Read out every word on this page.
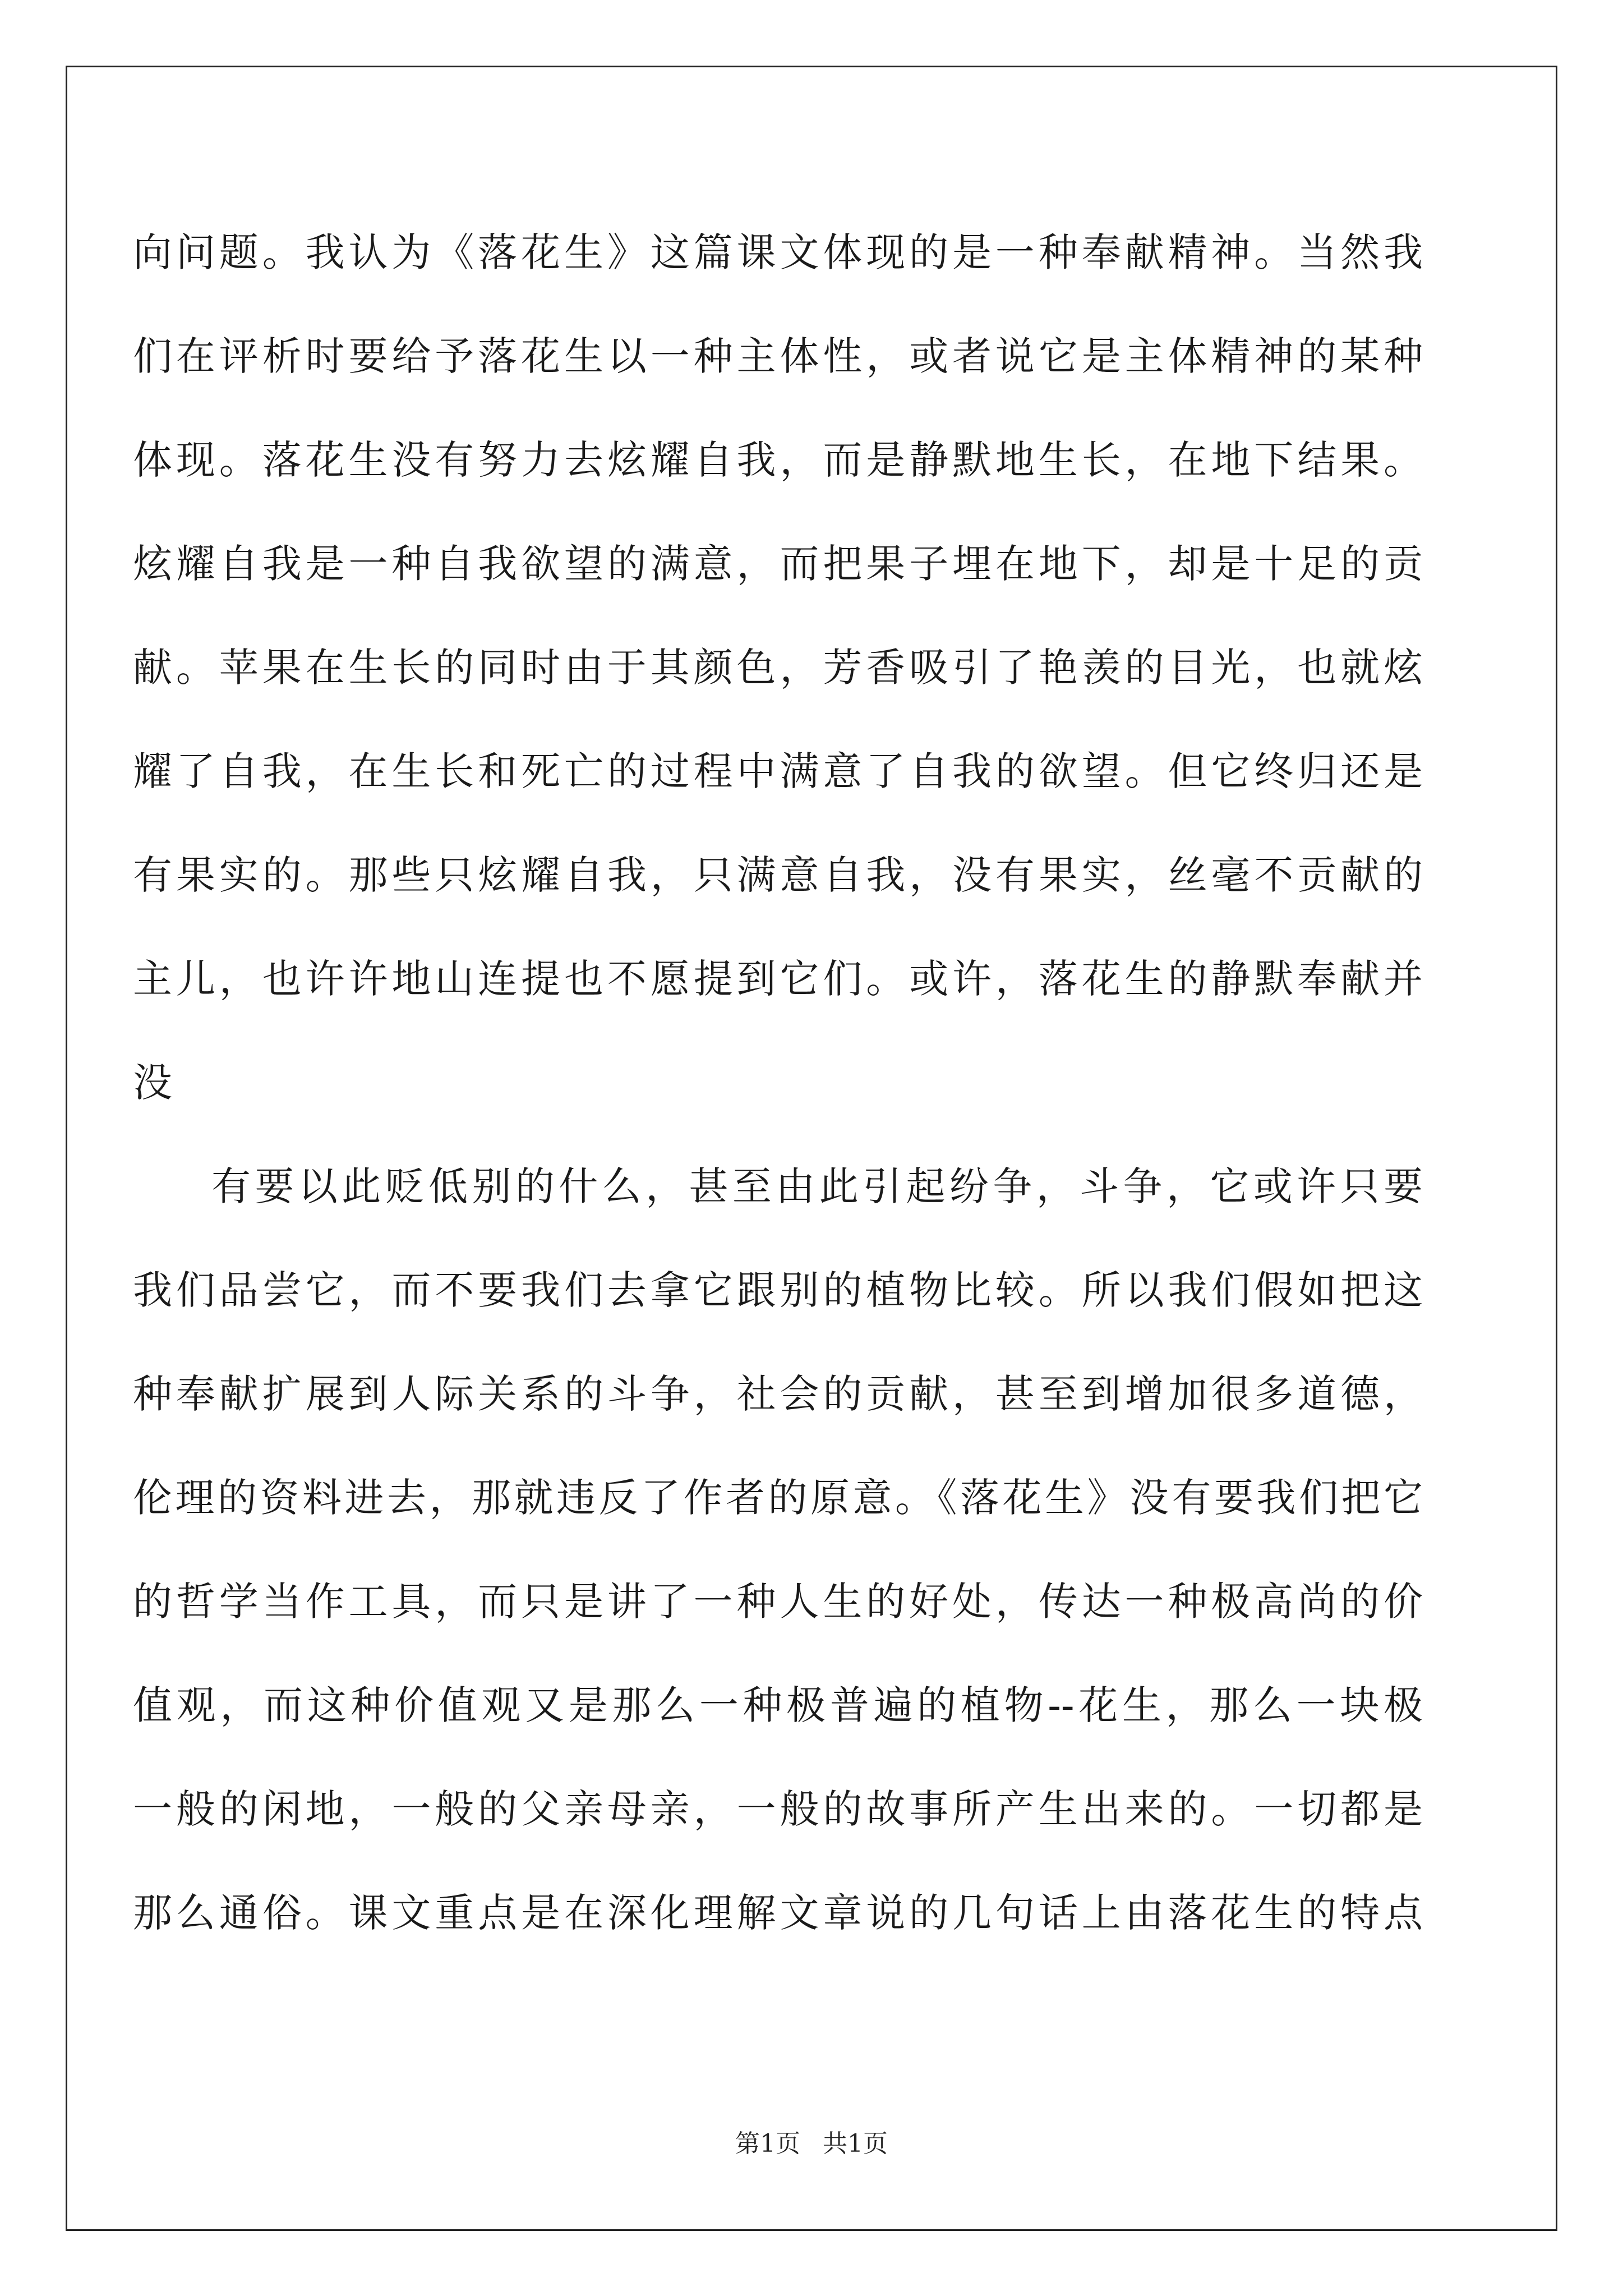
向问题。我认为《落花生》这篇课文体现的是一种奉献精神。当然我
们在评析时要给予落花生以一种主体性，或者说它是主体精神的某种
体现。落花生没有努力去炫耀自我，而是静默地生长，在地下结果。
炫耀自我是一种自我欲望的满意，而把果子埋在地下，却是十足的贡
献。苹果在生长的同时由于其颜色，芳香吸引了艳羡的目光，也就炫
耀了自我，在生长和死亡的过程中满意了自我的欲望。但它终归还是
有果实的。那些只炫耀自我，只满意自我，没有果实，丝毫不贡献的
主儿，也许许地山连提也不愿提到它们。或许，落花生的静默奉献并
没
有要以此贬低别的什么，甚至由此引起纷争，斗争，它或许只要
我们品尝它，而不要我们去拿它跟别的植物比较。所以我们假如把这
种奉献扩展到人际关系的斗争，社会的贡献，甚至到增加很多道德，
伦理的资料进去，那就违反了作者的原意。《落花生》没有要我们把它
的哲学当作工具，而只是讲了一种人生的好处，传达一种极高尚的价
值观，而这种价值观又是那么一种极普遍的植物--花生，那么一块极
一般的闲地，一般的父亲母亲，一般的故事所产生出来的。一切都是
那么通俗。课文重点是在深化理解文章说的几句话上由落花生的特点
第1页 共1页
